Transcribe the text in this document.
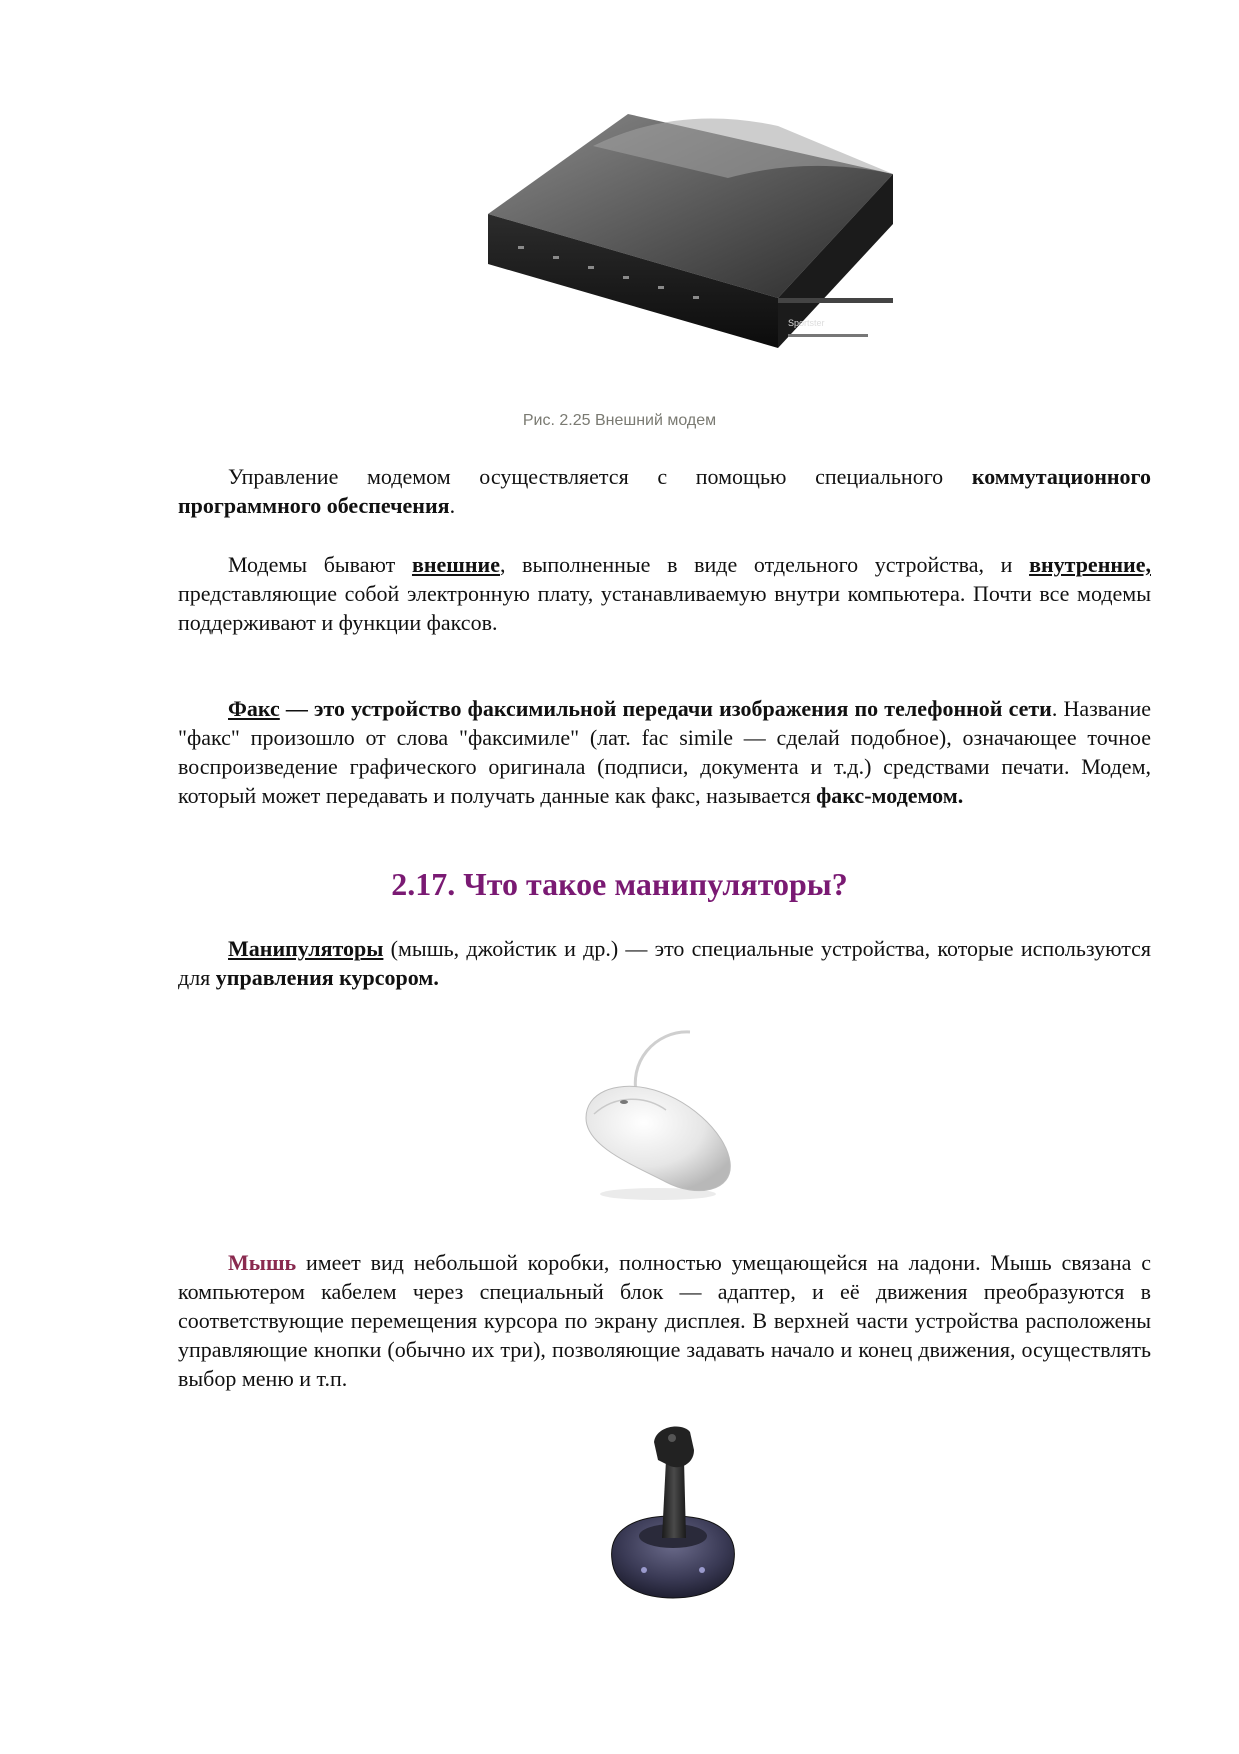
Sportster
Рис. 2.25 Внешний модем

Управление модемом осуществляется с помощью специального коммутационного программного обеспечения.

Модемы бывают внешние, выполненные в виде отдельного устройства, и внутренние, представляющие собой электронную плату, устанавливаемую внутри компьютера. Почти все модемы поддерживают и функции факсов.

Факс — это устройство факсимильной передачи изображения по телефонной сети. Название "факс" произошло от слова "факсимиле" (лат. fac simile — сделай подобное), означающее точное воспроизведение графического оригинала (подписи, документа и т.д.) средствами печати. Модем, который может передавать и получать данные как факс, называется факс-модемом.

2.17. Что такое манипуляторы?

Манипуляторы (мышь, джойстик и др.) — это специальные устройства, которые используются для управления курсором.

Мышь имеет вид небольшой коробки, полностью умещающейся на ладони. Мышь связана с компьютером кабелем через специальный блок — адаптер, и её движения преобразуются в соответствующие перемещения курсора по экрану дисплея. В верхней части устройства расположены управляющие кнопки (обычно их три), позволяющие задавать начало и конец движения, осуществлять выбор меню и т.п.
